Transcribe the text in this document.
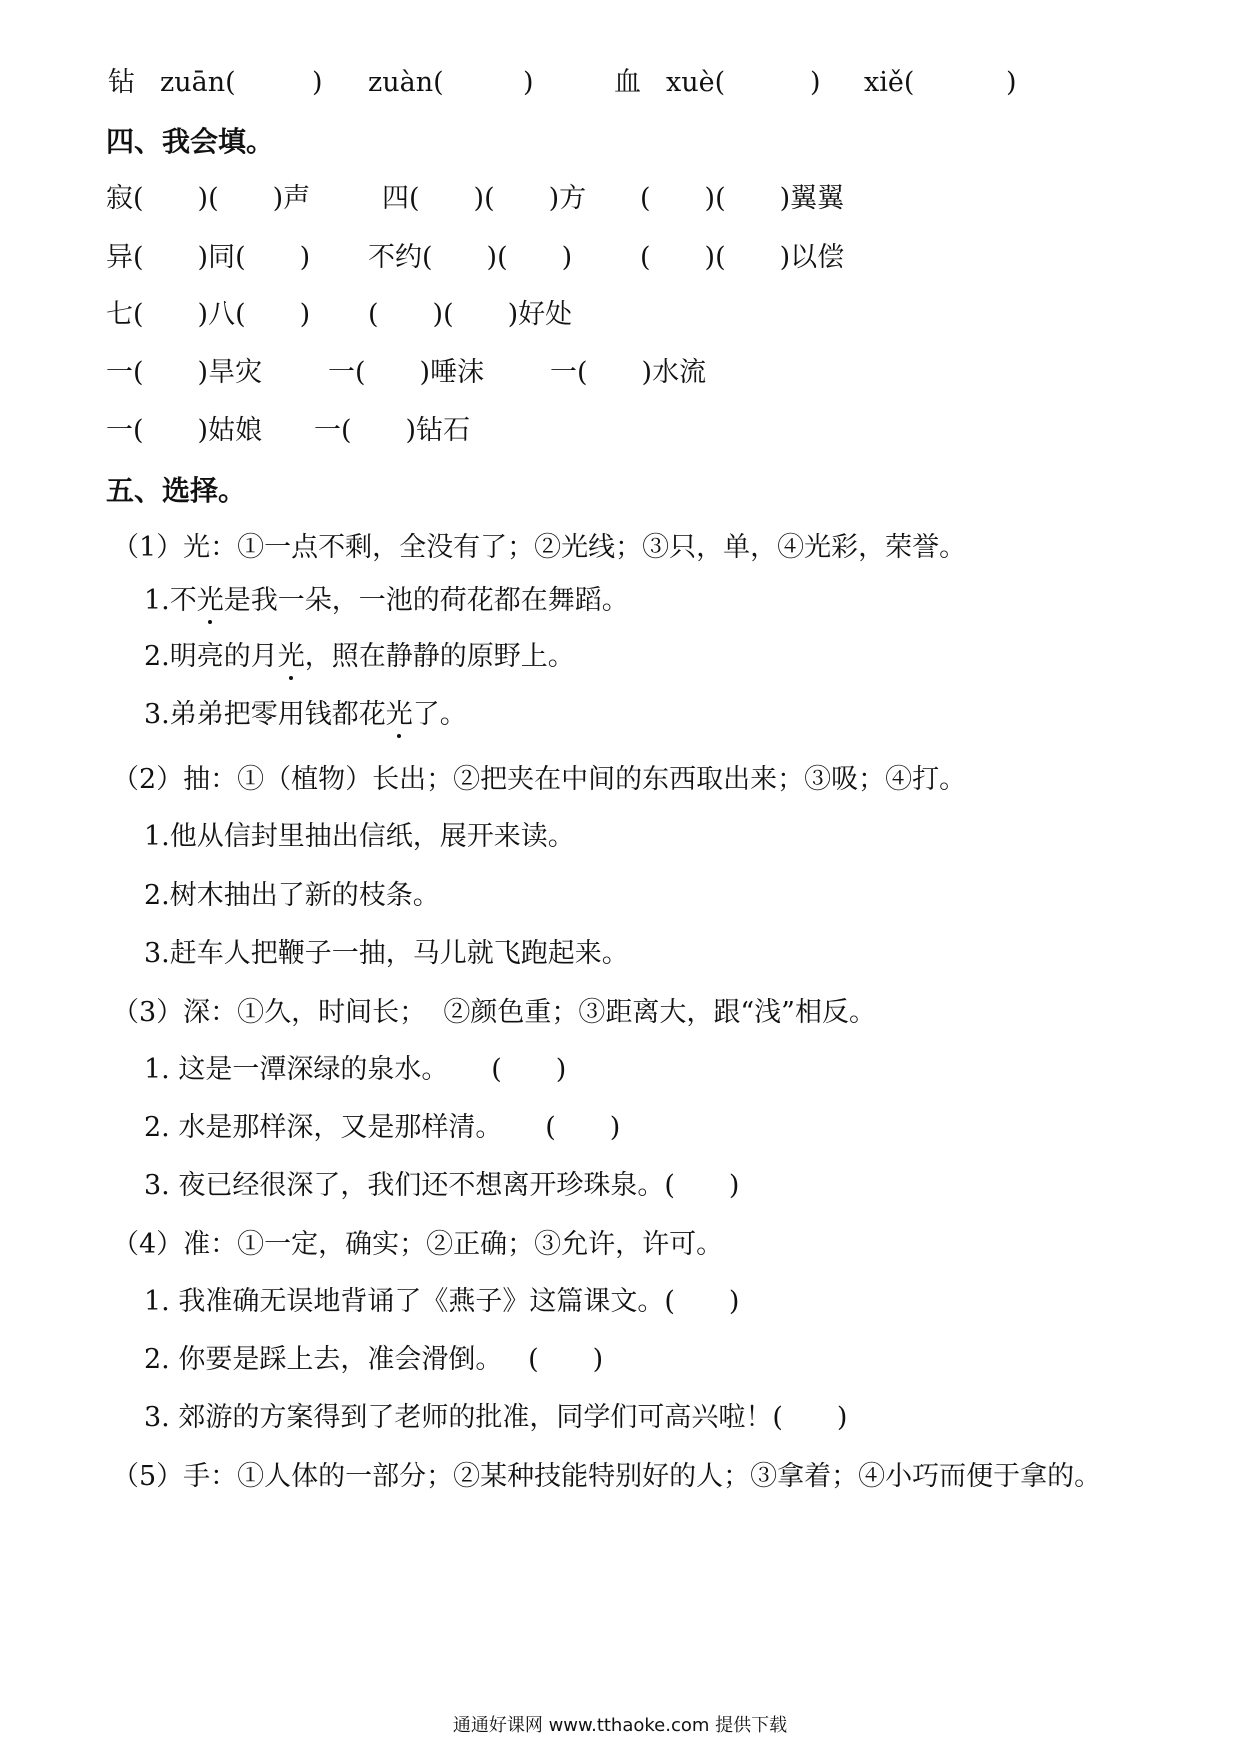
钻

zuān(

	)

zuàn(

	)

	血

xuè(

	)

xiě(

	)

四、我会填。

寂(　　)(　　)声

	四(　　)(　　)方

(　　)(　　)翼翼

异(　　)同(　　)

不约(　　)(　　)

	(　　)(　　)以偿

七(　　)八(　　)

(　　)(　　)好处

一(　　)旱灾

一(　　)唾沫

一(　　)水流

一(　　)姑娘

一(　　)钻石

五、选择。
（1）光：①一点不剩，全没有了；②光线；③只，单，④光彩，荣誉。
1.不光是我一朵，一池的荷花都在舞蹈。
2.明亮的月光，照在静静的原野上。
3.弟弟把零用钱都花光了。
（2）抽：①（植物）长出；②把夹在中间的东西取出来；③吸；④打。
1.他从信封里抽出信纸，展开来读。
2.树木抽出了新的枝条。
3.赶车人把鞭子一抽，马儿就飞跑起来。
（3）深：①久，时间长；  ②颜色重；③距离大，跟“浅”相反。
1. 这是一潭深绿的泉水。     (　　)
2. 水是那样深，又是那样清。     (　　)
3. 夜已经很深了，我们还不想离开珍珠泉。(　　)
（4）准：①一定，确实；②正确；③允许，许可。
1. 我准确无误地背诵了《燕子》这篇课文。(　　)
2. 你要是踩上去，准会滑倒。   (　　)
3. 郊游的方案得到了老师的批准，同学们可高兴啦！(　　)
（5）手：①人体的一部分；②某种技能特别好的人；③拿着；④小巧而便于拿的。
通通好课网 www.tthaoke.com 提供下载
